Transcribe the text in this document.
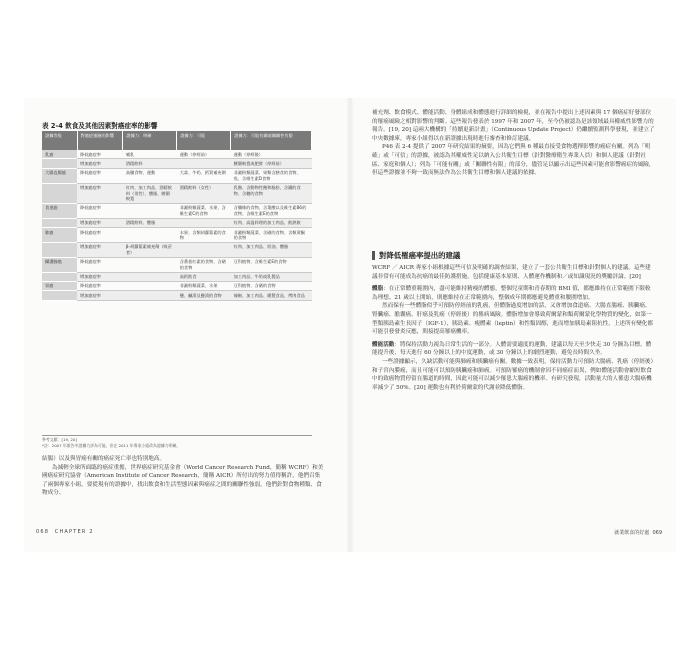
表 2-4 飲食及其他因素對癌症率的影響
證據等級	對癌症風險的影響	證據力：明確	證據力：可能	證據力：可能有關或關聯性有限
乳癌	降低癌症率	哺乳	運動（停經前）	運動（停經後）
	增加癌症率	酒精飲料		腰圍較寬或肥胖（停經前）
大腸直腸癌	降低癌症率	高纖食物、運動	大蒜、牛奶、鈣質補充劑	非澱粉類蔬菜、果類含膳食的食物、魚、含維生素D食物
	增加癌症率	紅肉、加工肉品、酒精飲料（男性）、體脂、腰圍較寬	酒精飲料（女性）	乳酪、含動物性飽和脂肪、含鐵的食物、含糖的食物
食道癌	降低癌症率		非澱粉類蔬菜、水果、含維生素C的食物	含纖維的食物、含葉酸以及維生素B6的食物、含維生素E的食物
	增加癌症率	酒精飲料、體脂		紅肉、高溫料理的加工肉品、飲熱飲
肺癌	降低癌症率		水果、含類胡蘿蔔素的食物	非澱粉類蔬菜、含硒的食物、含類黃酮的食物
	增加癌症率	β-胡蘿蔔素補充劑（吸菸者）		紅肉、加工肉品、奶油、體脂
攝護腺癌	降低癌症率		含番茄紅素的食物、含硒的食物	豆科植物、含維生素E的食物
	增加癌症率		高鈣飲食	加工肉品、牛奶或乳製品
胃癌	降低癌症率		非澱粉類蔬菜、水果	豆科植物、含硒的食物
	增加癌症率		鹽、鹹漬及鹽漬的食物	辣椒、加工肉品、燻製食品、烤肉食品
參考文獻：[19, 20]
*註：2007 年報告中證據力評為可能，但在 2011 年專家小組改為證據力明確。

結腸）以及與胃癌有關的癌症死亡率也特別地高。

為減輕全球所面臨的癌症重擔，世界癌症研究基金會（World Cancer Research Fund，簡稱 WCRF）和美國癌症研究協會（American Institute of Cancer Research，簡稱 AICR）所付出的努力值得稱許，他們召集了兩個專家小組，要從現有的證據中，找出飲食和生活型態因素與癌症之間的關聯性強弱，他們針對食物種類、食物成分、

068 CHAPTER 2

補充劑、飲食模式、體能活動、身體組成和體態進行詳細的檢視，並在報告中提出上述因素與 17 個癌症好發部位的罹癌風險之相對影響的判斷。這些報告發表於 1997 年和 2007 年，至今仍被認為是該領域最具權威性影響力的報告。[19, 20] 這兩大機構的「持續更新計畫」（Continuous Update Project）仍繼續監測科學發現，並建立了中央數據庫，專家小組得以在新證據出現時進行審查和修訂建議。

P46 表 2-4 提供了 2007 年研究結果的摘要，因為它們與 6 種最直接受食物選擇影響的癌症有關。列為「明確」或「可信」的證據，被認為其權威性足以納入公共衛生目標（針對醫療衛生專業人員）和個人建議（針對社區、家庭和個人）；列為「可能有關」或「關聯性有限」的部分，儘管足以顯示出這些因素可能會影響癌症的風險，但這些證據並不夠一致而無法作為公共衛生目標和個人建議的依據。

對降低罹癌率提出的建議

WCRF ／ AICR 專家小組根據這些可信及明確的調查結果，建立了一套公共衛生目標和針對個人的建議。這些建議非常有可能成為抗癌的最佳防護措施，包括健康基本原則、人體運作機制和／或知識現況的獎勵評論。[20]

體脂：在正常體重範圍內，盡可能維持精瘦的體態，整個兒童期和青春期的 BMI 值，都應維持在正常範圍下限較為理想。21 歲以上開始，則應維持在正常範圍內，整個成年期都應避免體重和腰圍增加。

然而保有一些體脂似乎可預防停經前的乳癌，但體脂過度增加的話，又會增加食道癌、大腸直腸癌、胰臟癌、腎臟癌、膽囊癌、肝癌及乳癌（停經後）的罹病風險。體脂增加會導致荷爾蒙和類荷爾蒙化學物質的變化，如第一型類胰島素生長因子（IGF-1）、胰島素、瘦體素（leptin）和性類固醇，進而增加胰島素阻抗性，上述所有變化都可能引發發炎反應，間接提高罹癌機率。

體能活動：將保持活動力視為日常生活的一部分。人體需要適度的運動，建議以每天至少快走 30 分鐘為目標。體能提升後，每天進行 60 分鐘以上的中度運動，或 30 分鐘以上的劇烈運動，避免長時間久坐。

一些證據顯示，久缺活動可能與肺癌和胰臟癌有關。數據一致表明，保持活動力可預防大腸癌、乳癌（停經後）和子宮內膜癌，而且可能可以預防胰臟癌和肺癌。可預防罹癌的機制會因不同癌症而異，例如體能活動會縮短飲食中的致癌物質停留在腸道的時間，因此可能可以減少罹患大腸癌的機率。有研究發現，活動量大的人罹患大腸癌機率減少了 50%。[20] 運動也有利於荷爾蒙的代謝並降低體脂。

就業飲食的好處 069
